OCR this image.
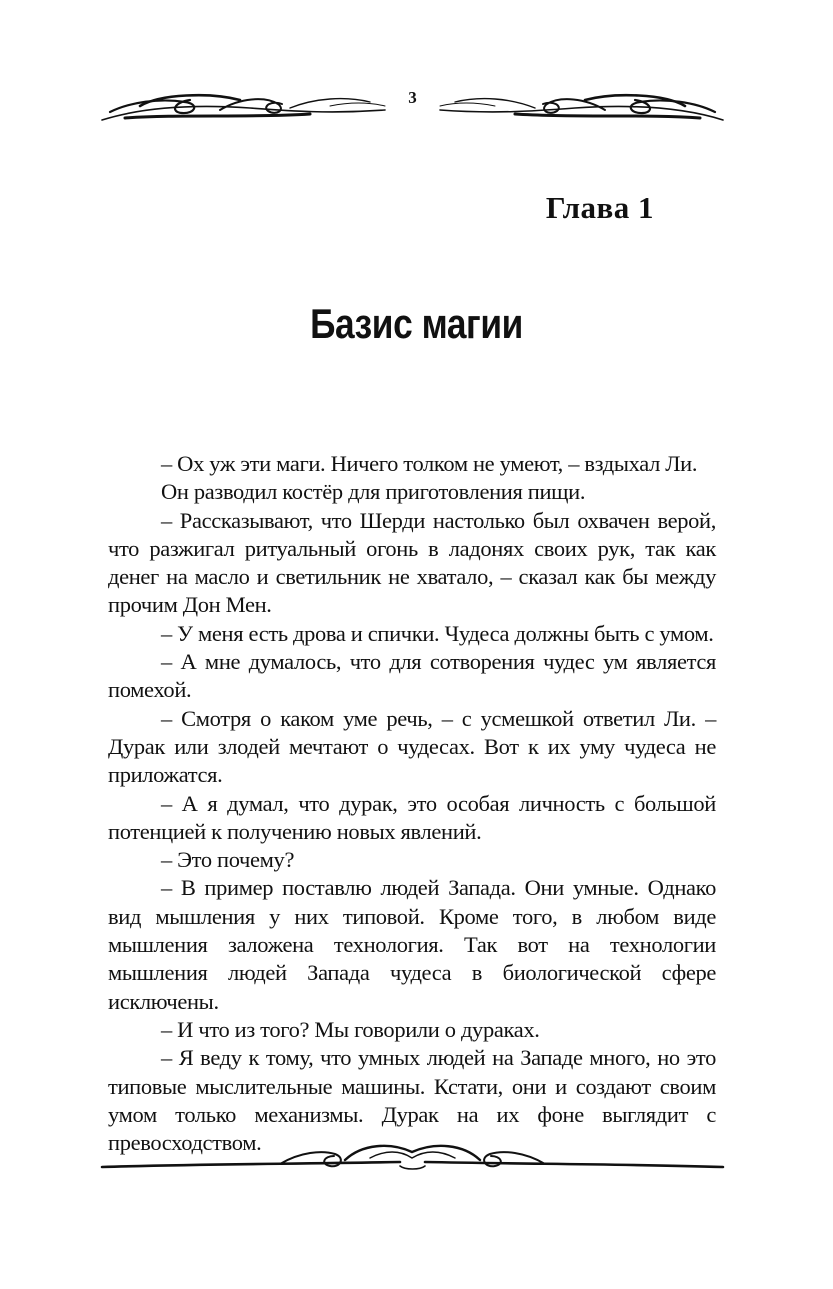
3
Глава 1
Базис магии

– Ох уж эти маги. Ничего толком не умеют, – вздыхал Ли.

Он разводил костёр для приготовления пищи.

– Рассказывают, что Шерди настолько был охвачен верой, что разжигал ритуальный огонь в ладонях своих рук, так как денег на масло и светильник не хватало, – сказал как бы между прочим Дон Мен.

– У меня есть дрова и спички. Чудеса должны быть с умом.

– А мне думалось, что для сотворения чудес ум является помехой.

– Смотря о каком уме речь, – с усмешкой ответил Ли. – Дурак или злодей мечтают о чудесах. Вот к их уму чудеса не приложатся.

– А я думал, что дурак, это особая личность с большой потенцией к получению новых явлений.

– Это почему?

– В пример поставлю людей Запада. Они умные. Однако вид мышления у них типовой. Кроме того, в любом виде мышления заложена технология. Так вот на технологии мышления людей Запада чудеса в биологической сфере исключены.

– И что из того? Мы говорили о дураках.

– Я веду к тому, что умных людей на Западе много, но это типовые мыслительные машины. Кстати, они и создают своим умом только механизмы. Дурак на их фоне выглядит с превосходством.
